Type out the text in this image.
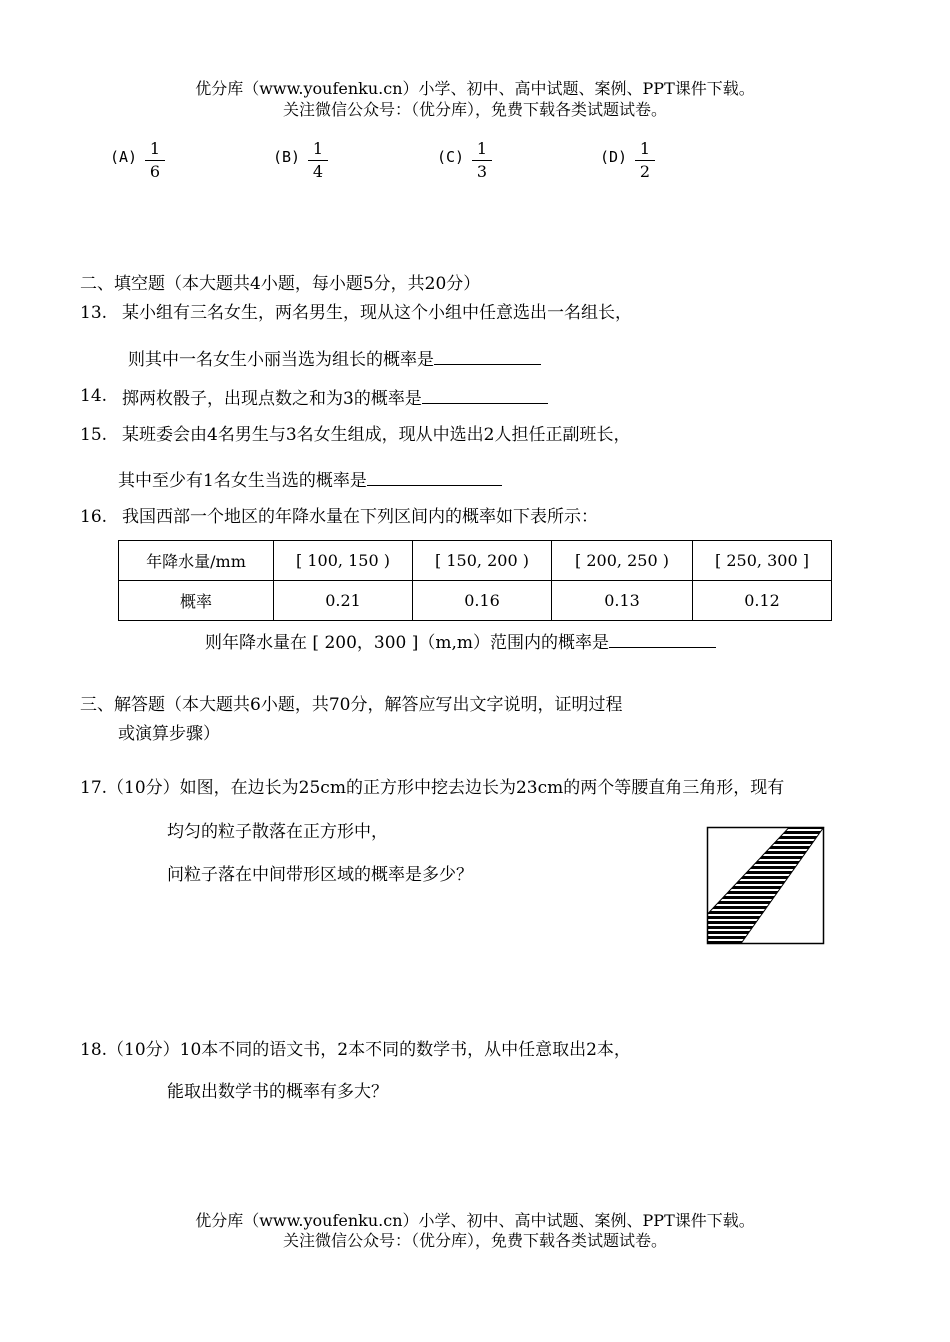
优分库（www.youfenku.cn）小学、初中、高中试题、案例、PPT课件下载。
关注微信公众号：（优分库），免费下载各类试题试卷。
(A) 1
6
(B) 1
4
(C) 1
3
(D) 1
2
二、填空题（本大题共4小题，每小题5分，共20分）
13. 某小组有三名女生，两名男生，现从这个小组中任意选出一名组长，
则其中一名女生小丽当选为组长的概率是
14. 掷两枚骰子，出现点数之和为3的概率是
15. 某班委会由4名男生与3名女生组成，现从中选出2人担任正副班长，
其中至少有1名女生当选的概率是
16. 我国西部一个地区的年降水量在下列区间内的概率如下表所示：
年降水量/mm	[ 100, 150 )	[ 150, 200 )	[ 200, 250 )	[ 250, 300 ]
概率	0.21	0.16	0.13	0.12
则年降水量在 [ 200，300 ]（m,m）范围内的概率是
三、解答题（本大题共6小题，共70分，解答应写出文字说明，证明过程
或演算步骤）
17.（10分）如图，在边长为25cm的正方形中挖去边长为23cm的两个等腰直角三角形，现有
均匀的粒子散落在正方形中，
问粒子落在中间带形区域的概率是多少？
18.（10分）10本不同的语文书，2本不同的数学书，从中任意取出2本，
能取出数学书的概率有多大？
优分库（www.youfenku.cn）小学、初中、高中试题、案例、PPT课件下载。
关注微信公众号：（优分库），免费下载各类试题试卷。
